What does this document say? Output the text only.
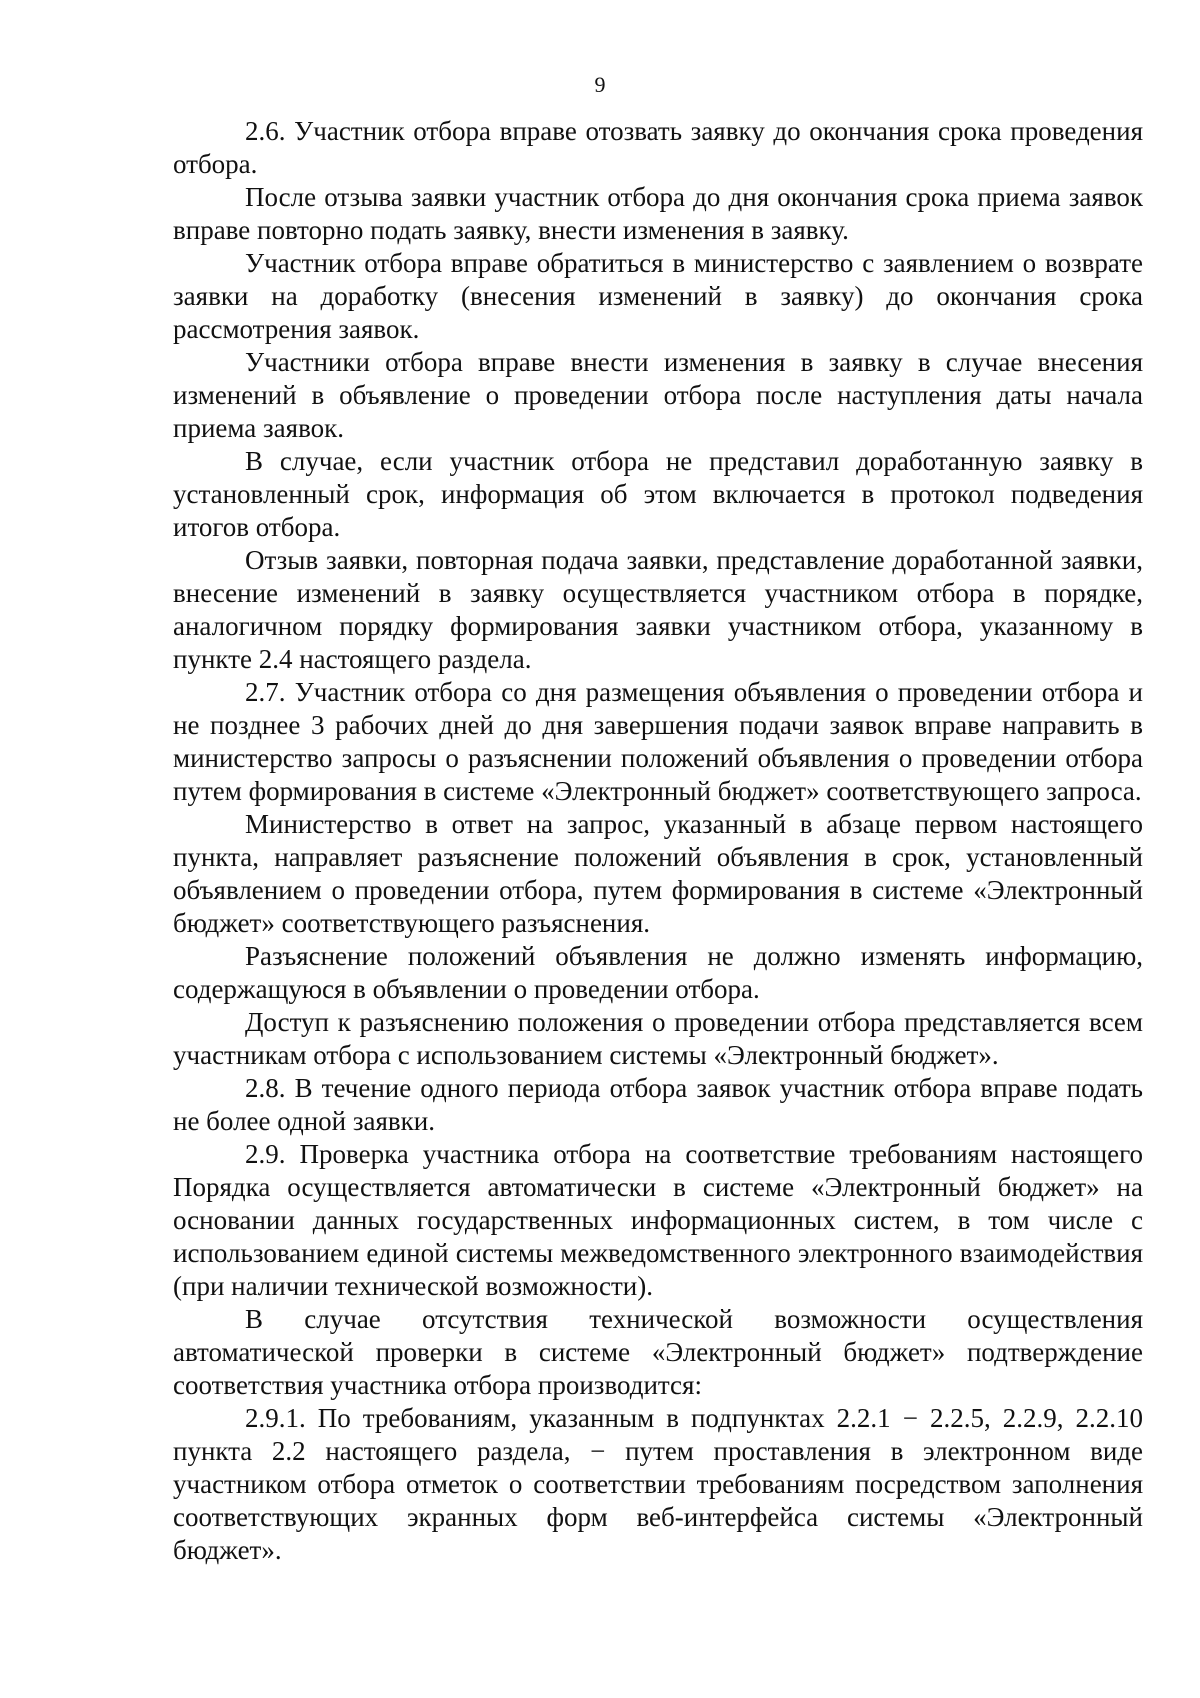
9

2.6. Участник отбора вправе отозвать заявку до окончания срока проведения отбора.

После отзыва заявки участник отбора до дня окончания срока приема заявок вправе повторно подать заявку, внести изменения в заявку.

Участник отбора вправе обратиться в министерство с заявлением о возврате заявки на доработку (внесения изменений в заявку) до окончания срока рассмотрения заявок.

Участники отбора вправе внести изменения в заявку в случае внесения изменений в объявление о проведении отбора после наступления даты начала приема заявок.

В случае, если участник отбора не представил доработанную заявку в установленный срок, информация об этом включается в протокол подведения итогов отбора.

Отзыв заявки, повторная подача заявки, представление доработанной заявки, внесение изменений в заявку осуществляется участником отбора в порядке, аналогичном порядку формирования заявки участником отбора, указанному в пункте 2.4 настоящего раздела.

2.7. Участник отбора со дня размещения объявления о проведении отбора и не позднее 3 рабочих дней до дня завершения подачи заявок вправе направить в министерство запросы о разъяснении положений объявления о проведении отбора путем формирования в системе «Электронный бюджет» соответствующего запроса.

Министерство в ответ на запрос, указанный в абзаце первом настоящего пункта, направляет разъяснение положений объявления в срок, установленный объявлением о проведении отбора, путем формирования в системе «Электронный бюджет» соответствующего разъяснения.

Разъяснение положений объявления не должно изменять информацию, содержащуюся в объявлении о проведении отбора.

Доступ к разъяснению положения о проведении отбора представляется всем участникам отбора с использованием системы «Электронный бюджет».

2.8. В течение одного периода отбора заявок участник отбора вправе подать не более одной заявки.

2.9. Проверка участника отбора на соответствие требованиям настоящего Порядка осуществляется автоматически в системе «Электронный бюджет» на основании данных государственных информационных систем, в том числе с использованием единой системы межведомственного электронного взаимодействия (при наличии технической возможности).

В случае отсутствия технической возможности осуществления автоматической проверки в системе «Электронный бюджет» подтверждение соответствия участника отбора производится:

2.9.1. По требованиям, указанным в подпунктах 2.2.1 − 2.2.5, 2.2.9, 2.2.10 пункта 2.2 настоящего раздела, − путем проставления в электронном виде участником отбора отметок о соответствии требованиям посредством заполнения соответствующих экранных форм веб-интерфейса системы «Электронный бюджет».
